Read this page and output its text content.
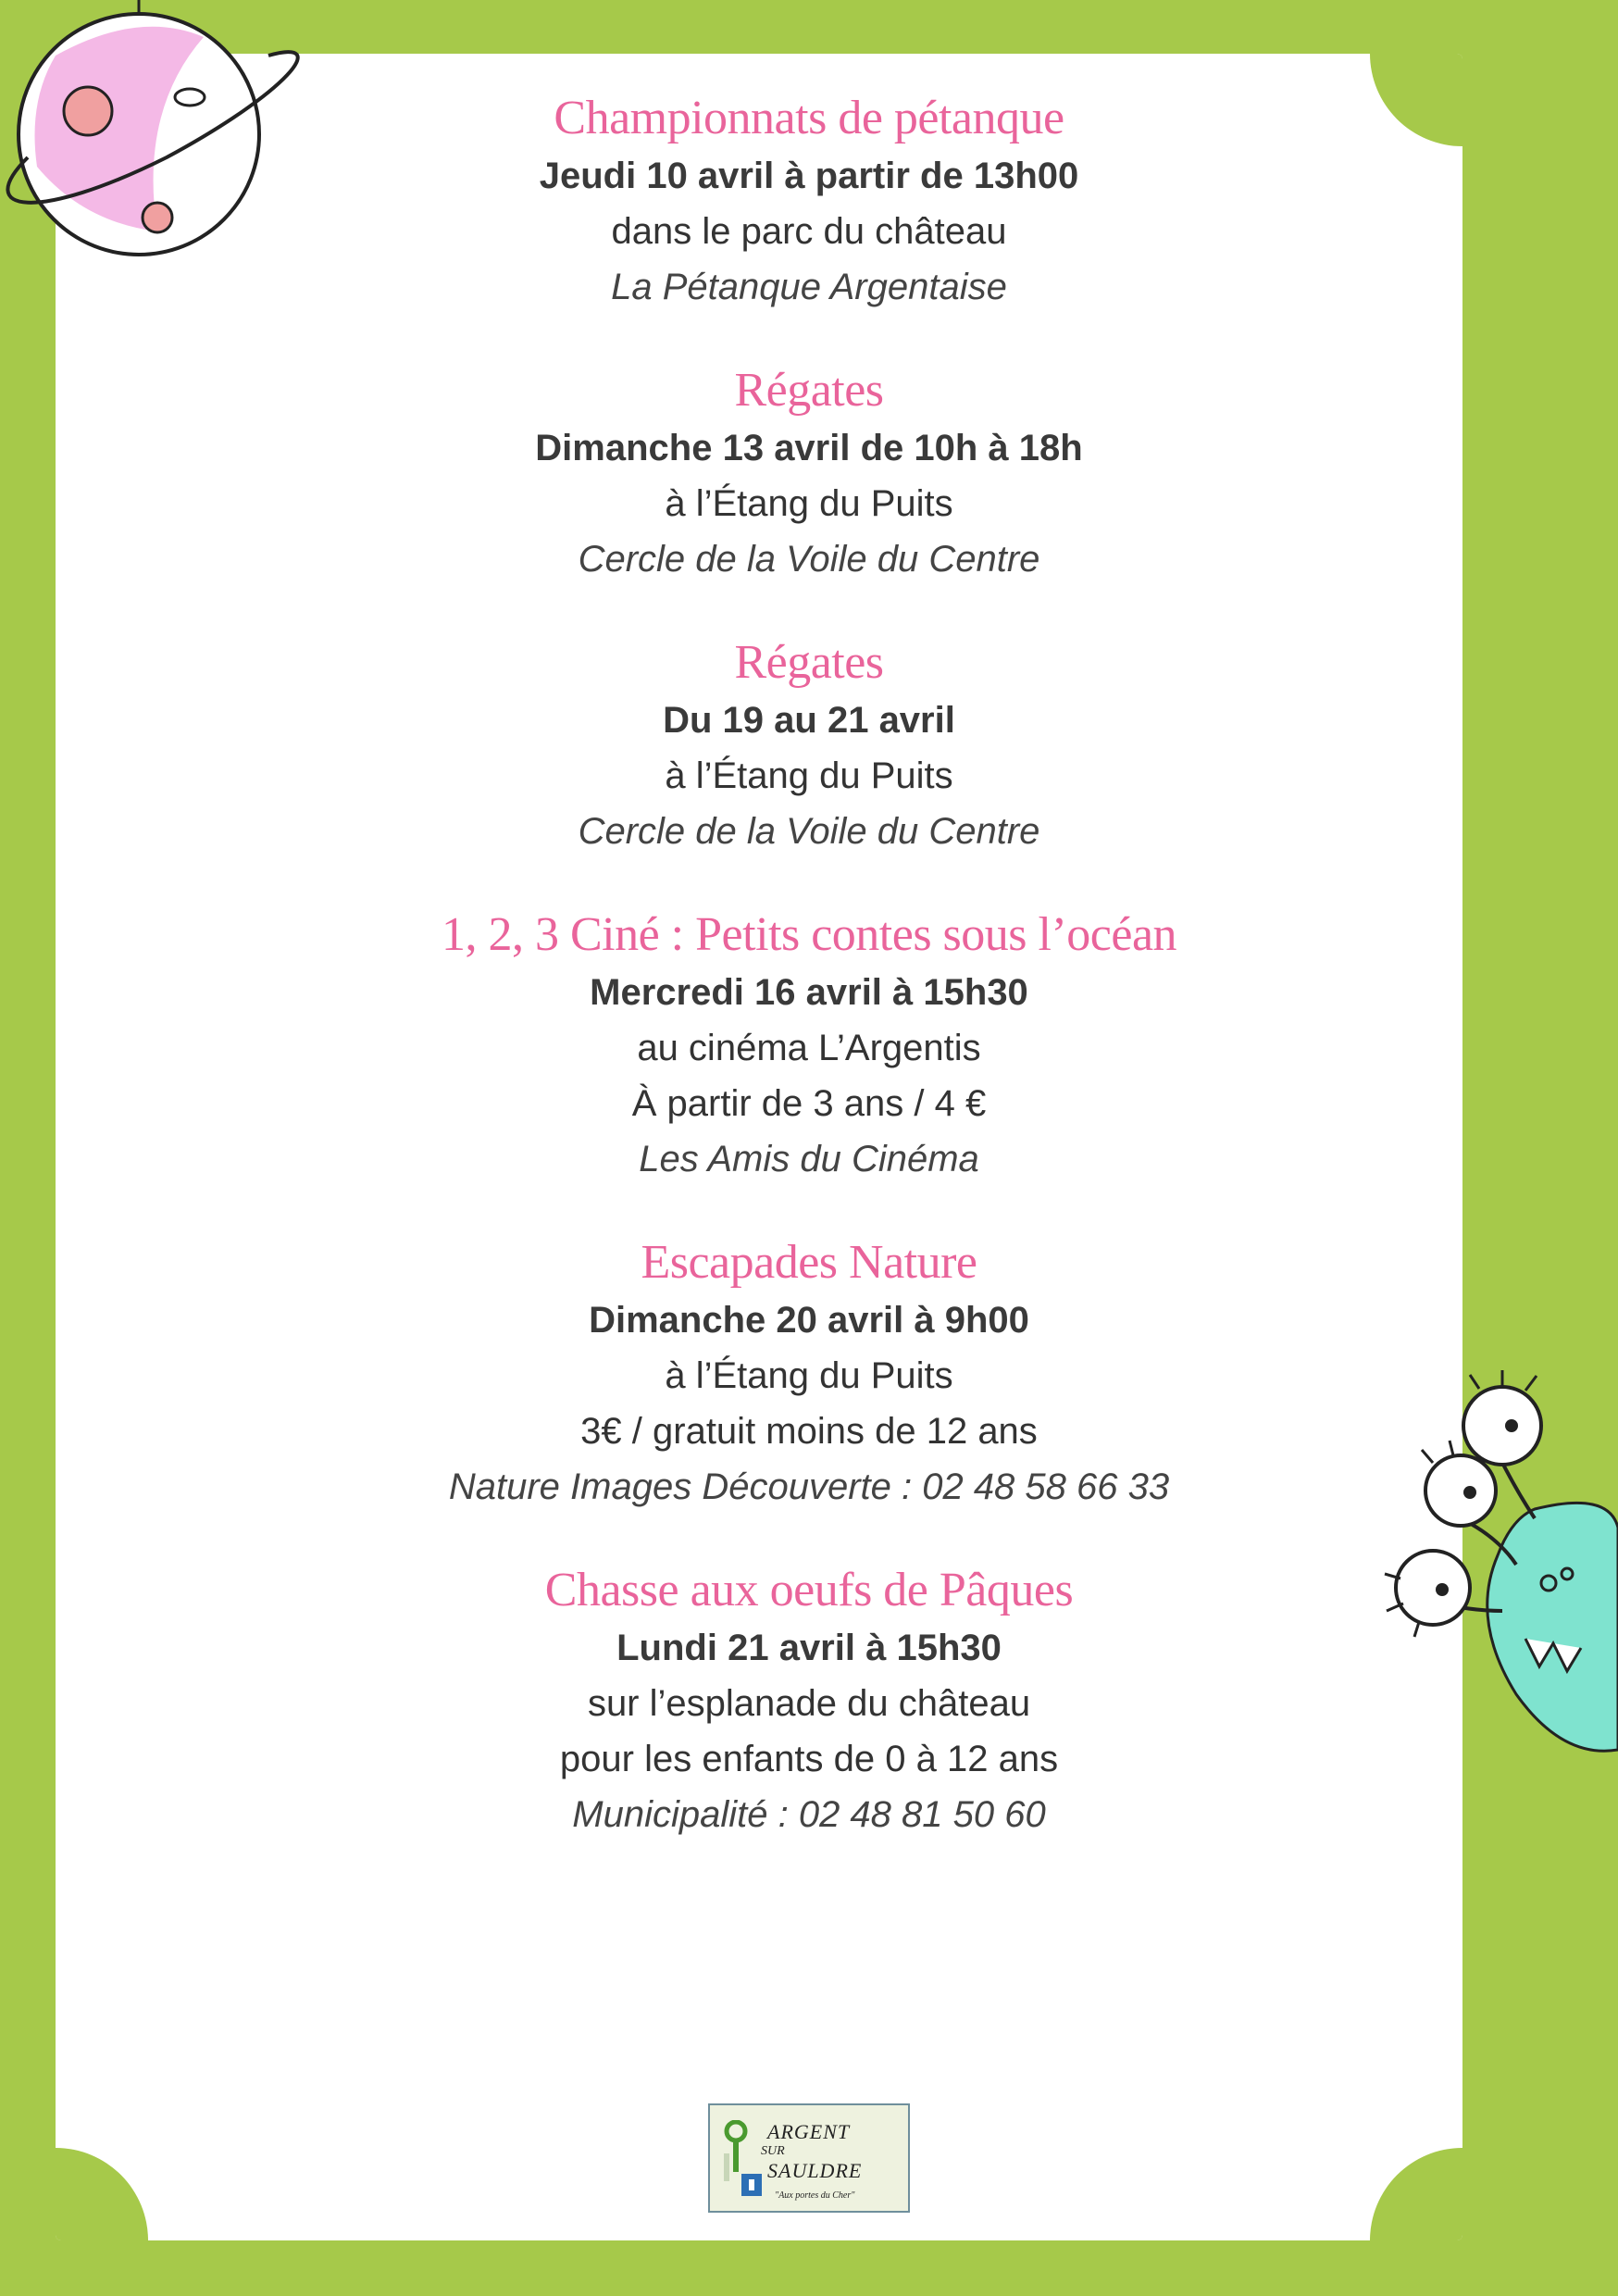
Championnats de pétanque
Jeudi 10 avril à partir de 13h00
dans le parc du château
La Pétanque Argentaise
Régates
Dimanche 13 avril de 10h à 18h
à l’Étang du Puits
Cercle de la Voile du Centre
Régates
Du 19 au 21 avril
à l’Étang du Puits
Cercle de la Voile du Centre
1, 2, 3 Ciné : Petits contes sous l’océan
Mercredi 16 avril à 15h30
au cinéma L’Argentis
À partir de 3 ans / 4 €
Les Amis du Cinéma
Escapades Nature
Dimanche 20 avril à 9h00
à l’Étang du Puits
3€ / gratuit moins de 12 ans
Nature Images Découverte : 02 48 58 66 33
Chasse aux oeufs de Pâques
Lundi 21 avril à 15h30
sur l’esplanade du château
pour les enfants de 0 à 12 ans
Municipalité : 02 48 81 50 60
ARGENT
SUR
SAULDRE
"Aux portes du Cher"
